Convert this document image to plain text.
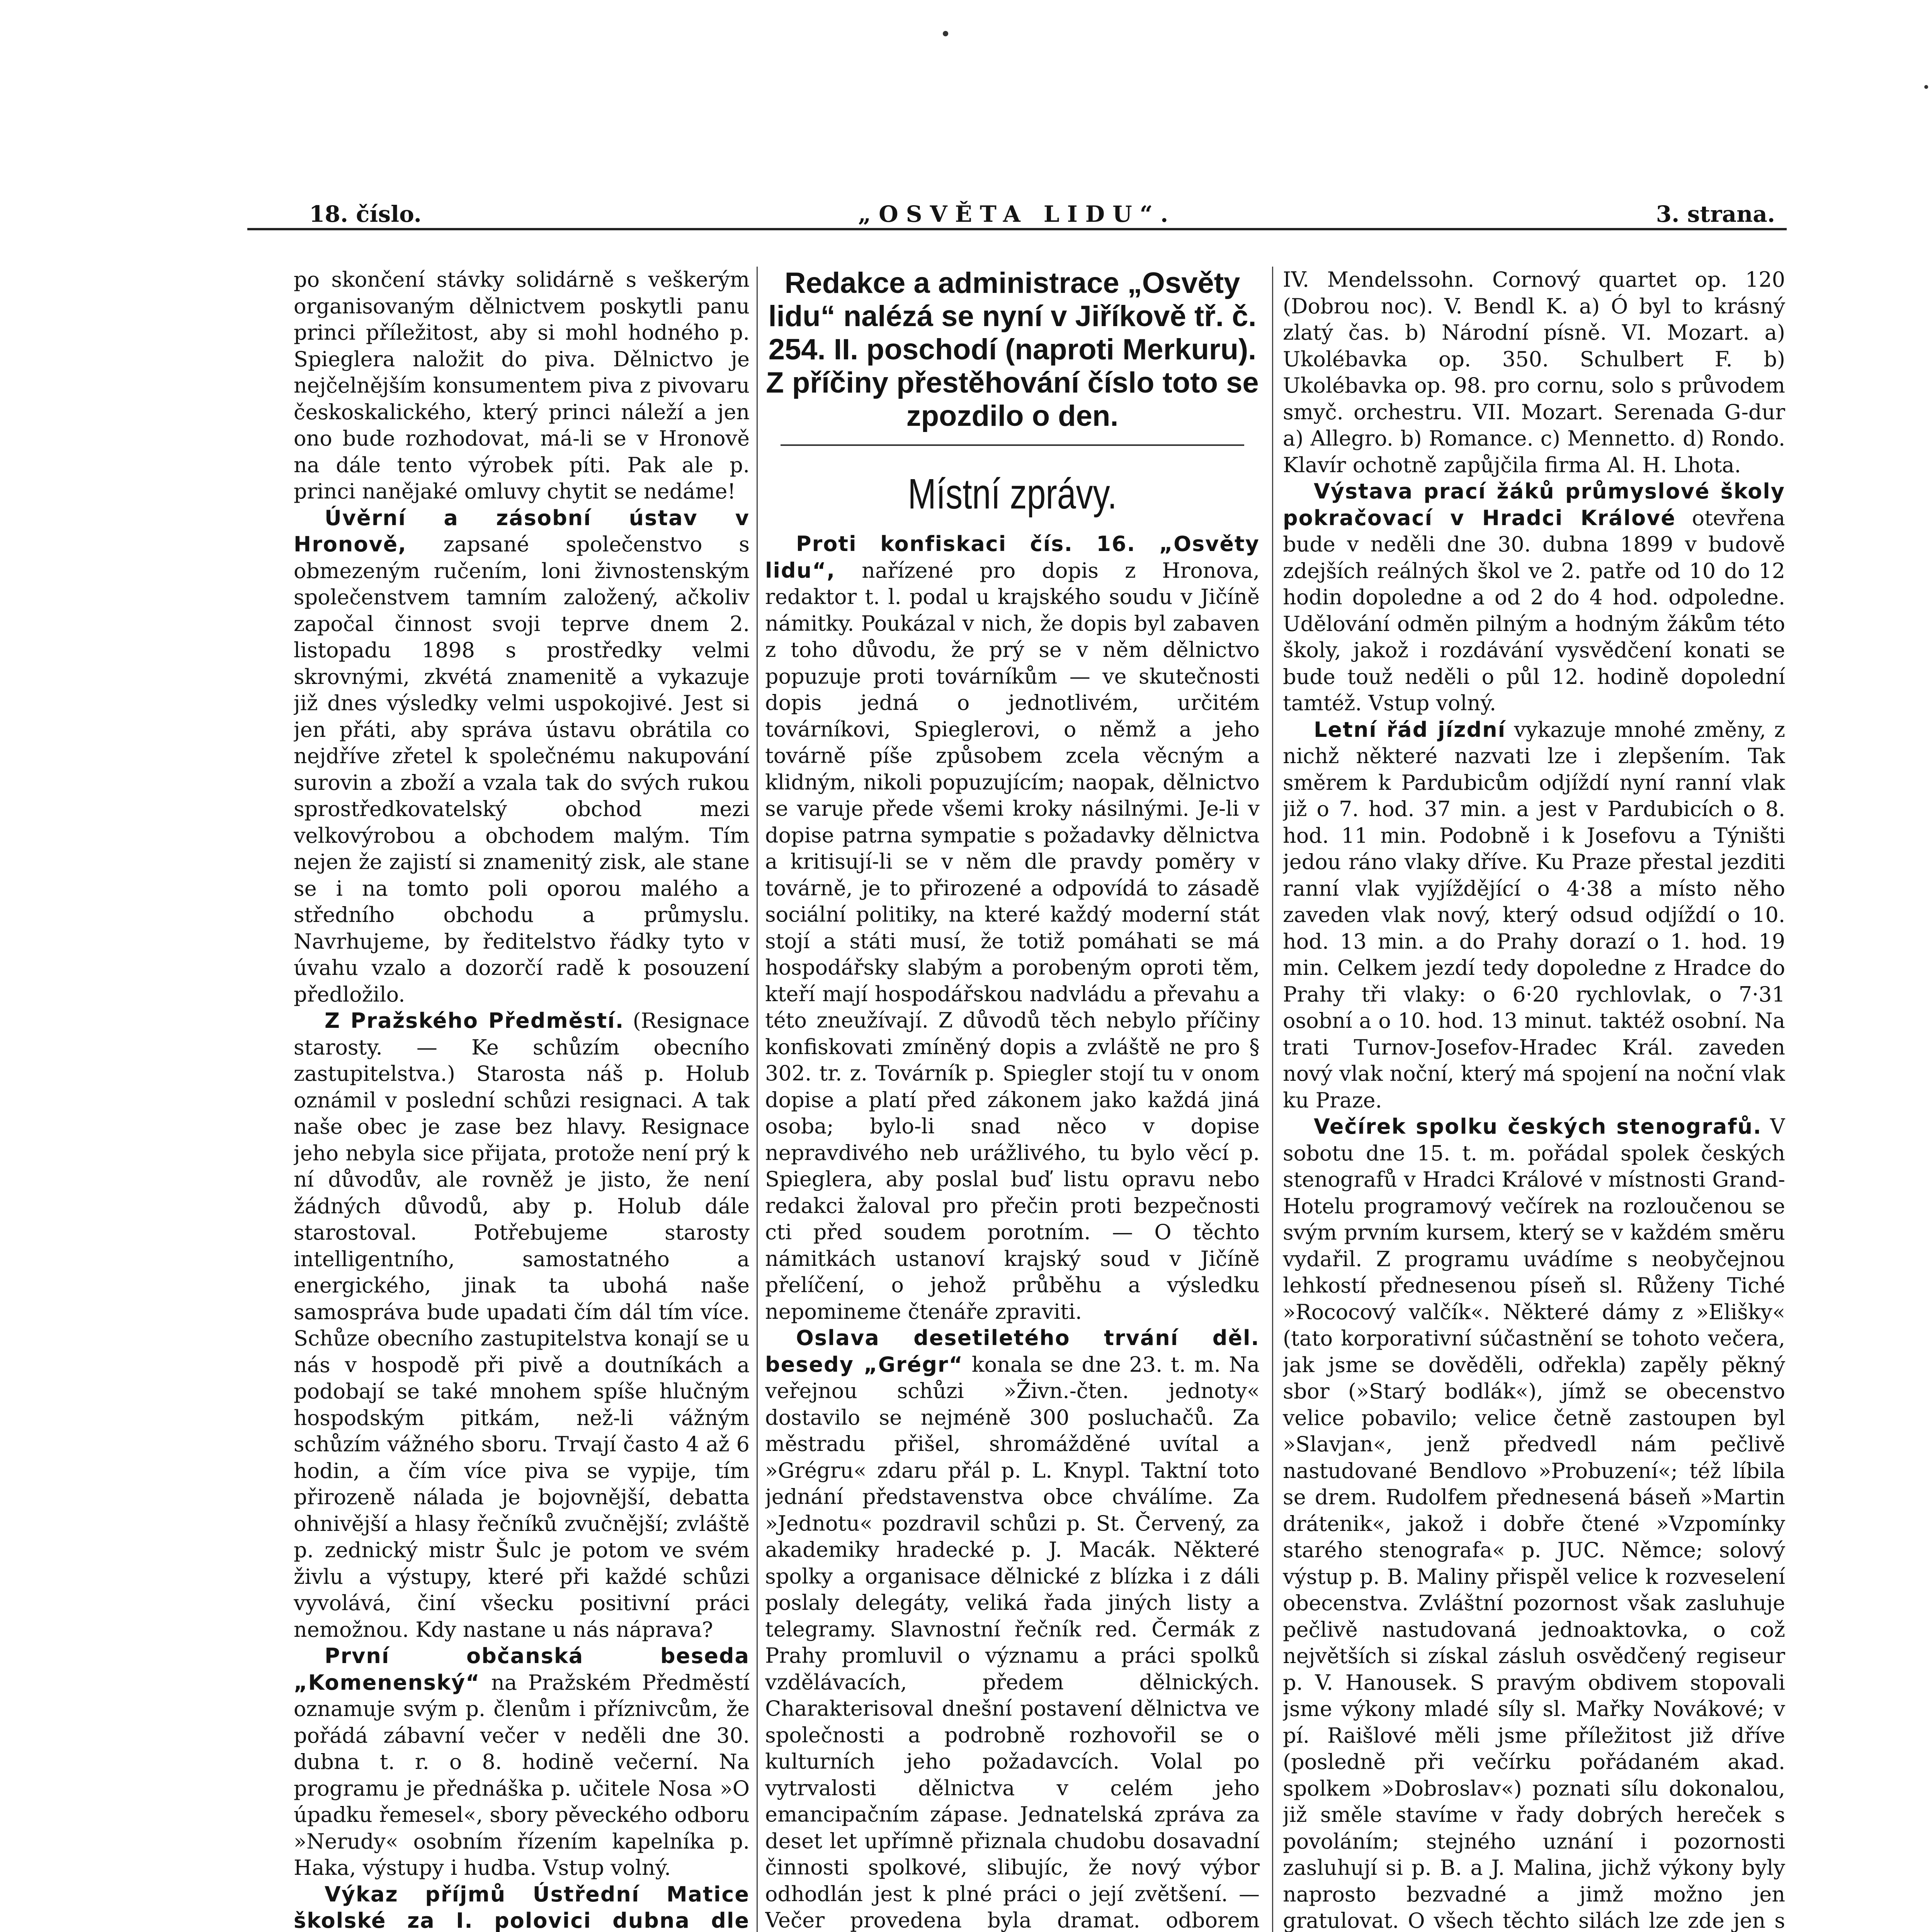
18. číslo.	„OSVĚTA LIDU“.	3. strana.

po skončení stávky solidárně s veškerým organisovaným dělnictvem poskytli panu princi příležitost, aby si mohl hodného p. Spieglera naložit do piva. Dělnictvo je nejčelnějším konsumentem piva z pivovaru českoskalického, který princi náleží a jen ono bude rozhodovat, má-li se v Hronově na dále tento výrobek píti. Pak ale p. princi nanějaké omluvy chytit se nedáme!

Úvěrní a zásobní ústav v Hronově, zapsané společenstvo s obmezeným ručením, loni živnostenským společenstvem tamním založený, ačkoliv započal činnost svoji teprve dnem 2. listopadu 1898 s prostředky velmi skrovnými, zkvétá znamenitě a vykazuje již dnes výsledky velmi uspokojivé. Jest si jen přáti, aby správa ústavu obrátila co nejdříve zřetel k společnému nakupování surovin a zboží a vzala tak do svých rukou sprostředkovatelský obchod mezi velkovýrobou a obchodem malým. Tím nejen že zajistí si znamenitý zisk, ale stane se i na tomto poli oporou malého a středního obchodu a průmyslu. Navrhujeme, by ředitelstvo řádky tyto v úvahu vzalo a dozorčí radě k posouzení předložilo.

Z Pražského Předměstí. (Resignace starosty. — Ke schůzím obecního zastupitelstva.) Starosta náš p. Holub oznámil v poslední schůzi resignaci. A tak naše obec je zase bez hlavy. Resignace jeho nebyla sice přijata, protože není prý k ní důvodův, ale rovněž je jisto, že není žádných důvodů, aby p. Holub dále starostoval. Potřebujeme starosty intelligentního, samostatného a energického, jinak ta ubohá naše samospráva bude upadati čím dál tím více. Schůze obecního zastupitelstva konají se u nás v hospodě při pivě a doutníkách a podobají se také mnohem spíše hlučným hospodským pitkám, než-li vážným schůzím vážného sboru. Trvají často 4 až 6 hodin, a čím více piva se vypije, tím přirozeně nálada je bojovnější, debatta ohnivější a hlasy řečníků zvučnější; zvláště p. zednický mistr Šulc je potom ve svém živlu a výstupy, které při každé schůzi vyvolává, činí všecku positivní práci nemožnou. Kdy nastane u nás náprava?

První občanská beseda „Komenenský“ na Pražském Předměstí oznamuje svým p. členům i příznivcům, že pořádá zábavní večer v neděli dne 30. dubna t. r. o 8. hodině večerní. Na programu je přednáška p. učitele Nosa »O úpadku řemesel«, sbory pěveckého odboru »Nerudy« osobním řízením kapelníka p. Haka, výstupy i hudba. Vstup volný.

Výkaz příjmů Ústřední Matice školské za I. polovici dubna dle

Redakce a administrace „Osvěty lidu“ nalézá se nyní v Jiříkově tř. č. 254. II. poschodí (naproti Merkuru). Z příčiny přestěhování číslo toto se zpozdilo o den.
Místní zprávy.

Proti konfiskaci čís. 16. „Osvěty lidu“, nařízené pro dopis z Hronova, redaktor t. l. podal u krajského soudu v Jičíně námitky. Poukázal v nich, že dopis byl zabaven z toho důvodu, že prý se v něm dělnictvo popuzuje proti továrníkům — ve skutečnosti dopis jedná o jednotlivém, určitém továrníkovi, Spieglerovi, o němž a jeho továrně píše způsobem zcela věcným a klidným, nikoli popuzujícím; naopak, dělnictvo se varuje přede všemi kroky násilnými. Je-li v dopise patrna sympatie s požadavky dělnictva a kritisují-li se v něm dle pravdy poměry v továrně, je to přirozené a odpovídá to zásadě sociální politiky, na které každý moderní stát stojí a státi musí, že totiž pomáhati se má hospodářsky slabým a porobeným oproti těm, kteří mají hospodářskou nadvládu a převahu a této zneužívají. Z důvodů těch nebylo příčiny konfiskovati zmíněný dopis a zvláště ne pro § 302. tr. z. Továrník p. Spiegler stojí tu v onom dopise a platí před zákonem jako každá jiná osoba; bylo-li snad něco v dopise nepravdivého neb urážlivého, tu bylo věcí p. Spieglera, aby poslal buď listu opravu nebo redakci žaloval pro přečin proti bezpečnosti cti před soudem porotním. — O těchto námitkách ustanoví krajský soud v Jičíně přelíčení, o jehož průběhu a výsledku nepomineme čtenáře zpraviti.

Oslava desetiletého trvání děl. besedy „Grégr“ konala se dne 23. t. m. Na veřejnou schůzi »Živn.-čten. jednoty« dostavilo se nejméně 300 posluchačů. Za městradu přišel, shromážděné uvítal a »Grégru« zdaru přál p. L. Knypl. Taktní toto jednání představenstva obce chválíme. Za »Jednotu« pozdravil schůzi p. St. Červený, za akademiky hradecké p. J. Macák. Některé spolky a organisace dělnické z blízka i z dáli poslaly delegáty, veliká řada jiných listy a telegramy. Slavnostní řečník red. Čermák z Prahy promluvil o významu a práci spolků vzdělávacích, předem dělnických. Charakterisoval dnešní postavení dělnictva ve společnosti a podrobně rozhovořil se o kulturních jeho požadavcích. Volal po vytrvalosti dělnictva v celém jeho emancipačním zápase. Jednatelská zpráva za deset let upřímně přiznala chudobu dosavadní činnosti spolkové, slibujíc, že nový výbor odhodlán jest k plné práci o její zvětšení. — Večer provedena byla dramat. odborem

IV. Mendelssohn. Cornový quartet op. 120 (Dobrou noc). V. Bendl K. a) Ó byl to krásný zlatý čas. b) Národní písně. VI. Mozart. a) Ukolébavka op. 350. Schulbert F. b) Ukolébavka op. 98. pro cornu, solo s průvodem smyč. orchestru. VII. Mozart. Serenada G-dur a) Allegro. b) Romance. c) Mennetto. d) Rondo. Klavír ochotně zapůjčila firma Al. H. Lhota.

Výstava prací žáků průmyslové školy pokračovací v Hradci Králové otevřena bude v neděli dne 30. dubna 1899 v budově zdejších reálných škol ve 2. patře od 10 do 12 hodin dopoledne a od 2 do 4 hod. odpoledne. Udělování odměn pilným a hodným žákům této školy, jakož i rozdávání vysvědčení konati se bude touž neděli o půl 12. hodině dopolední tamtéž. Vstup volný.

Letní řád jízdní vykazuje mnohé změny, z nichž některé nazvati lze i zlepšením. Tak směrem k Pardubicům odjíždí nyní ranní vlak již o 7. hod. 37 min. a jest v Pardubicích o 8. hod. 11 min. Podobně i k Josefovu a Týništi jedou ráno vlaky dříve. Ku Praze přestal jezditi ranní vlak vyjíždějící o 4·38 a místo něho zaveden vlak nový, který odsud odjíždí o 10. hod. 13 min. a do Prahy dorazí o 1. hod. 19 min. Celkem jezdí tedy dopoledne z Hradce do Prahy tři vlaky: o 6·20 rychlovlak, o 7·31 osobní a o 10. hod. 13 minut. taktéž osobní. Na trati Turnov-Josefov-Hradec Král. zaveden nový vlak noční, který má spojení na noční vlak ku Praze.

Večírek spolku českých stenografů. V sobotu dne 15. t. m. pořádal spolek českých stenografů v Hradci Králové v místnosti Grand-Hotelu programový večírek na rozloučenou se svým prvním kursem, který se v každém směru vydařil. Z programu uvádíme s neobyčejnou lehkostí přednesenou píseň sl. Růženy Tiché »Rococový valčík«. Některé dámy z »Elišky« (tato korporativní súčastnění se tohoto večera, jak jsme se dověděli, odřekla) zapěly pěkný sbor (»Starý bodlák«), jímž se obecenstvo velice pobavilo; velice četně zastoupen byl »Slavjan«, jenž předvedl nám pečlivě nastudované Bendlovo »Probuzení«; též líbila se drem. Rudolfem přednesená báseň »Martin drátenik«, jakož i dobře čtené »Vzpomínky starého stenografa« p. JUC. Němce; solový výstup p. B. Maliny přispěl velice k rozveselení obecenstva. Zvláštní pozornost však zasluhuje pečlivě nastudovaná jednoaktovka, o což největších si získal zásluh osvědčený regiseur p. V. Hanousek. S pravým obdivem stopovali jsme výkony mladé síly sl. Mařky Novákové; v pí. Raišlové měli jsme příležitost již dříve (posledně při večírku pořádaném akad. spolkem »Dobroslav«) poznati sílu dokonalou, již směle stavíme v řady dobrých hereček s povoláním; stejného uznání i pozornosti zasluhují si p. B. a J. Malina, jichž výkony byly naprosto bezvadné a jimž možno jen gratulovat. O všech těchto silách lze zde jen s
